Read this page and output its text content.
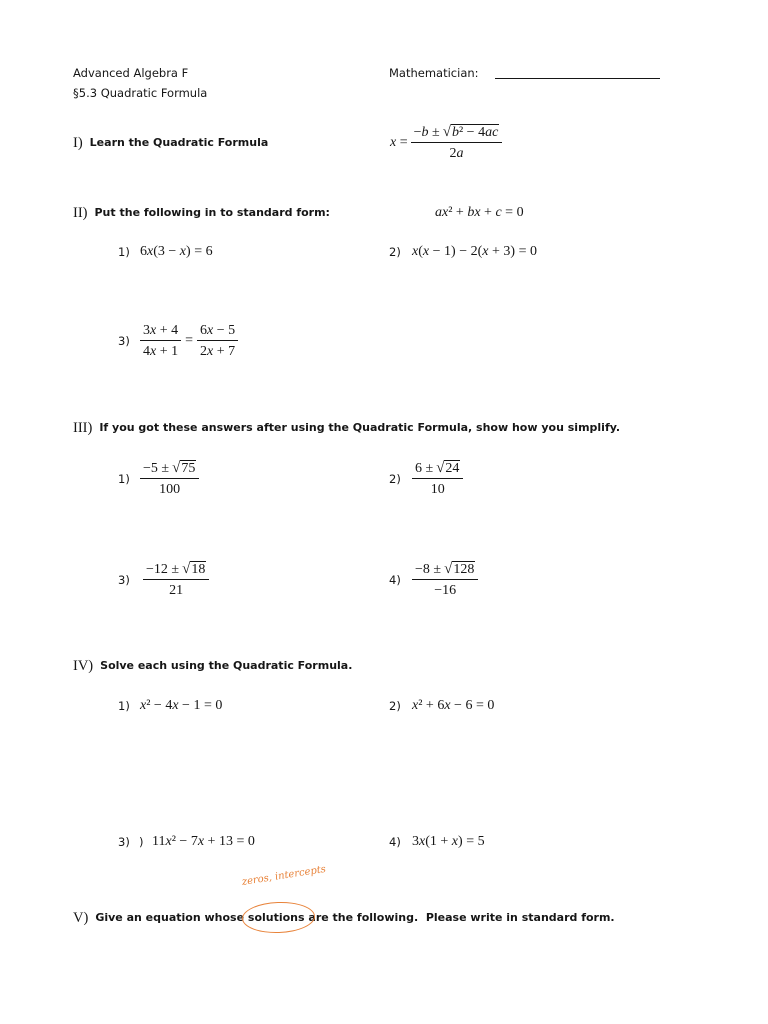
Advanced Algebra F
§5.3 Quadratic Formula
Mathematician:
I) Learn the Quadratic Formula	$x = \frac{\text{−b ± √b² − 4ac}}{2a}$
II) Put the following in to standard form:	ax² + bx + c = 0
1) 6x(3 − x) = 6	2) x(x − 1) − 2(x + 3) = 0
$3) \frac{3x + 4}{4x + 1} = \frac{6x - 5}{2x + 7}$
III) If you got these answers after using the Quadratic Formula, show how you simplify.
$1) \frac{-5 \pm √75}{100}$	$2) \frac{6 \pm √24}{10}$
$3) \frac{-12 \pm √18}{21}$	$4) \frac{-8 \pm √128}{-16}$
IV) Solve each using the Quadratic Formula.
1) x² − 4x − 1 = 0	2) x² + 6x − 6 = 0
3) ) 11x² − 7x + 13 = 0	4) 3x(1 + x) = 5
V) Give an equation whose solutions
zeros, intercepts
are the following.  Please write in standard form.
